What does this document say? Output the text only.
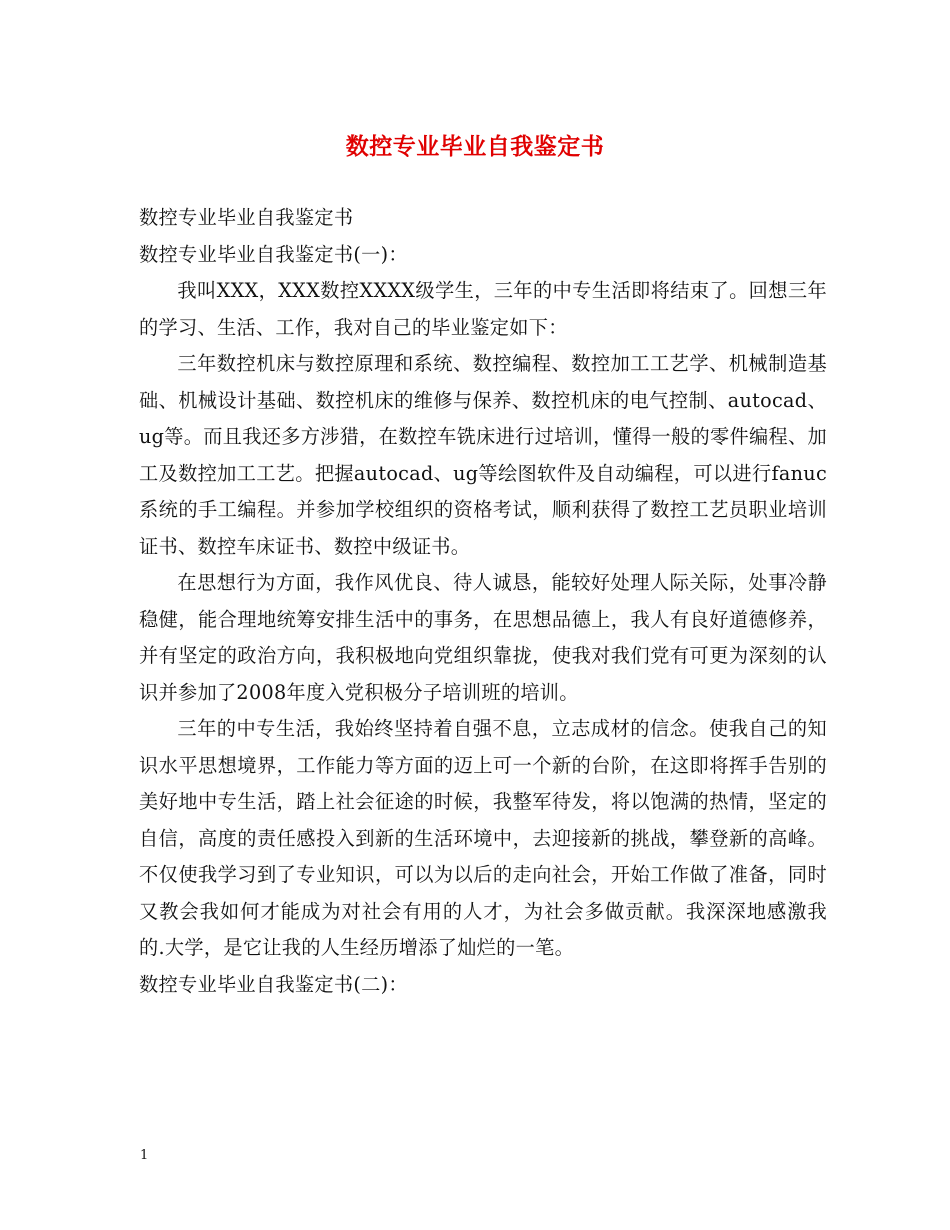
数控专业毕业自我鉴定书

数控专业毕业自我鉴定书

数控专业毕业自我鉴定书(一)：

我叫XXX，XXX数控XXXX级学生，三年的中专生活即将结束了。回想三年的学习、生活、工作，我对自己的毕业鉴定如下：

三年数控机床与数控原理和系统、数控编程、数控加工工艺学、机械制造基础、机械设计基础、数控机床的维修与保养、数控机床的电气控制、autocad、ug等。而且我还多方涉猎，在数控车铣床进行过培训，懂得一般的零件编程、加工及数控加工工艺。把握autocad、ug等绘图软件及自动编程，可以进行fanuc系统的手工编程。并参加学校组织的资格考试，顺利获得了数控工艺员职业培训证书、数控车床证书、数控中级证书。

在思想行为方面，我作风优良、待人诚恳，能较好处理人际关际，处事冷静稳健，能合理地统筹安排生活中的事务，在思想品德上，我人有良好道德修养，并有坚定的政治方向，我积极地向党组织靠拢，使我对我们党有可更为深刻的认识并参加了2008年度入党积极分子培训班的培训。

三年的中专生活，我始终坚持着自强不息，立志成材的信念。使我自己的知识水平思想境界，工作能力等方面的迈上可一个新的台阶，在这即将挥手告别的美好地中专生活，踏上社会征途的时候，我整军待发，将以饱满的热情，坚定的自信，高度的责任感投入到新的生活环境中，去迎接新的挑战，攀登新的高峰。不仅使我学习到了专业知识，可以为以后的走向社会，开始工作做了准备，同时又教会我如何才能成为对社会有用的人才，为社会多做贡献。我深深地感激我的.大学，是它让我的人生经历增添了灿烂的一笔。

数控专业毕业自我鉴定书(二)：

1
